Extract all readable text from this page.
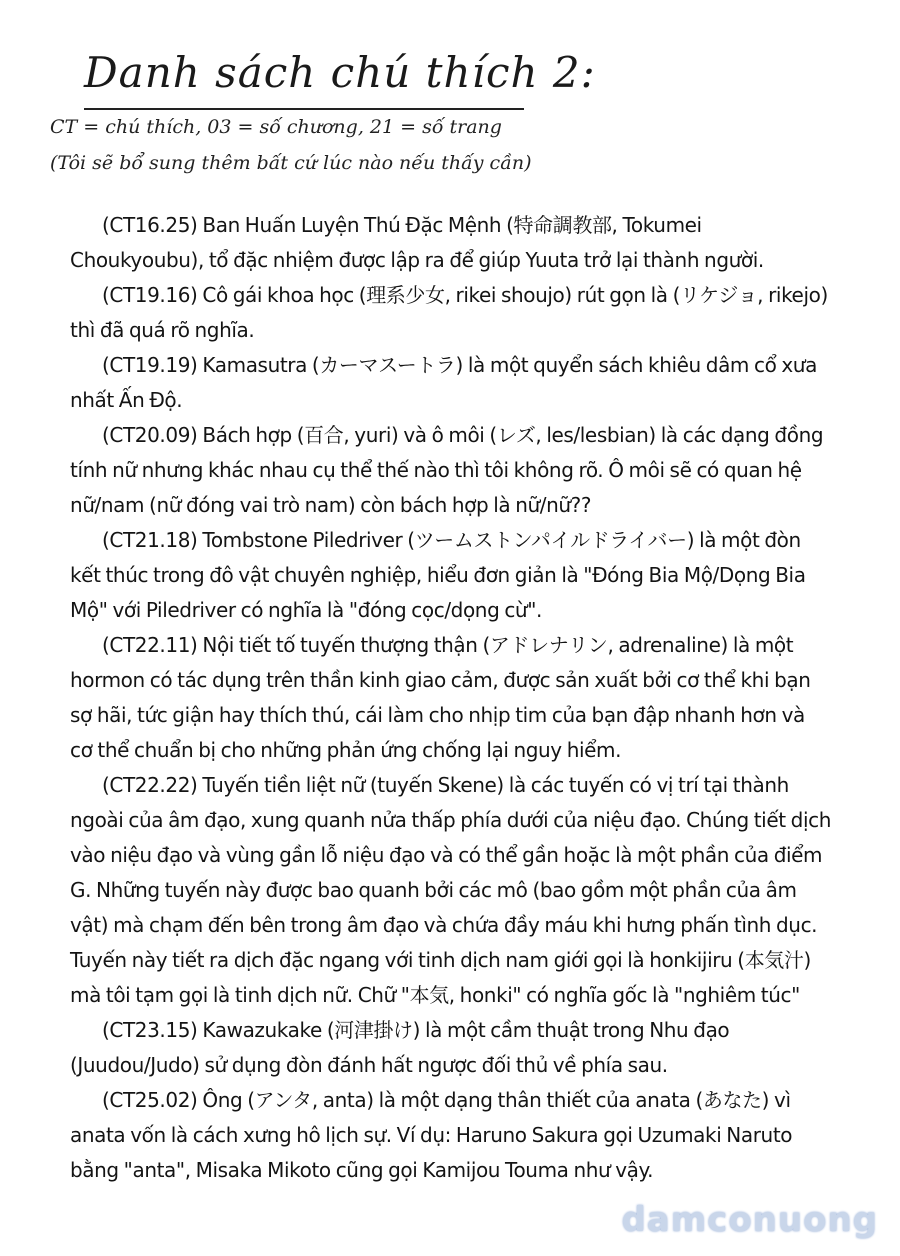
Danh sách chú thích 2:
CT = chú thích, 03 = số chương, 21 = số trang
(Tôi sẽ bổ sung thêm bất cứ lúc nào nếu thấy cần)

(CT16.25) Ban Huấn Luyện Thú Đặc Mệnh (特命調教部, Tokumei Choukyoubu), tổ đặc nhiệm được lập ra để giúp Yuuta trở lại thành người.

(CT19.16) Cô gái khoa học (理系少女, rikei shoujo) rút gọn là (リケジョ, rikejo) thì đã quá rõ nghĩa.

(CT19.19) Kamasutra (カーマスートラ) là một quyển sách khiêu dâm cổ xưa nhất Ấn Độ.

(CT20.09) Bách hợp (百合, yuri) và ô môi (レズ, les/lesbian) là các dạng đồng tính nữ nhưng khác nhau cụ thể thế nào thì tôi không rõ. Ô môi sẽ có quan hệ nữ/nam (nữ đóng vai trò nam) còn bách hợp là nữ/nữ??

(CT21.18) Tombstone Piledriver (ツームストンパイルドライバー) là một đòn kết thúc trong đô vật chuyên nghiệp, hiểu đơn giản là "Đóng Bia Mộ/Dọng Bia Mộ" với Piledriver có nghĩa là "đóng cọc/dọng cừ".

(CT22.11) Nội tiết tố tuyến thượng thận (アドレナリン, adrenaline) là một hormon có tác dụng trên thần kinh giao cảm, được sản xuất bởi cơ thể khi bạn sợ hãi, tức giận hay thích thú, cái làm cho nhịp tim của bạn đập nhanh hơn và cơ thể chuẩn bị cho những phản ứng chống lại nguy hiểm.

(CT22.22) Tuyến tiền liệt nữ (tuyến Skene) là các tuyến có vị trí tại thành ngoài của âm đạo, xung quanh nửa thấp phía dưới của niệu đạo. Chúng tiết dịch vào niệu đạo và vùng gần lỗ niệu đạo và có thể gần hoặc là một phần của điểm G. Những tuyến này được bao quanh bởi các mô (bao gồm một phần của âm vật) mà chạm đến bên trong âm đạo và chứa đầy máu khi hưng phấn tình dục. Tuyến này tiết ra dịch đặc ngang với tinh dịch nam giới gọi là honkijiru (本気汁) mà tôi tạm gọi là tinh dịch nữ. Chữ "本気, honki" có nghĩa gốc là "nghiêm túc"

(CT23.15) Kawazukake (河津掛け) là một cầm thuật trong Nhu đạo (Juudou/Judo) sử dụng đòn đánh hất ngược đối thủ về phía sau.

(CT25.02) Ông (アンタ, anta) là một dạng thân thiết của anata (あなた) vì anata vốn là cách xưng hô lịch sự. Ví dụ: Haruno Sakura gọi Uzumaki Naruto bằng "anta", Misaka Mikoto cũng gọi Kamijou Touma như vậy.

damconuong
